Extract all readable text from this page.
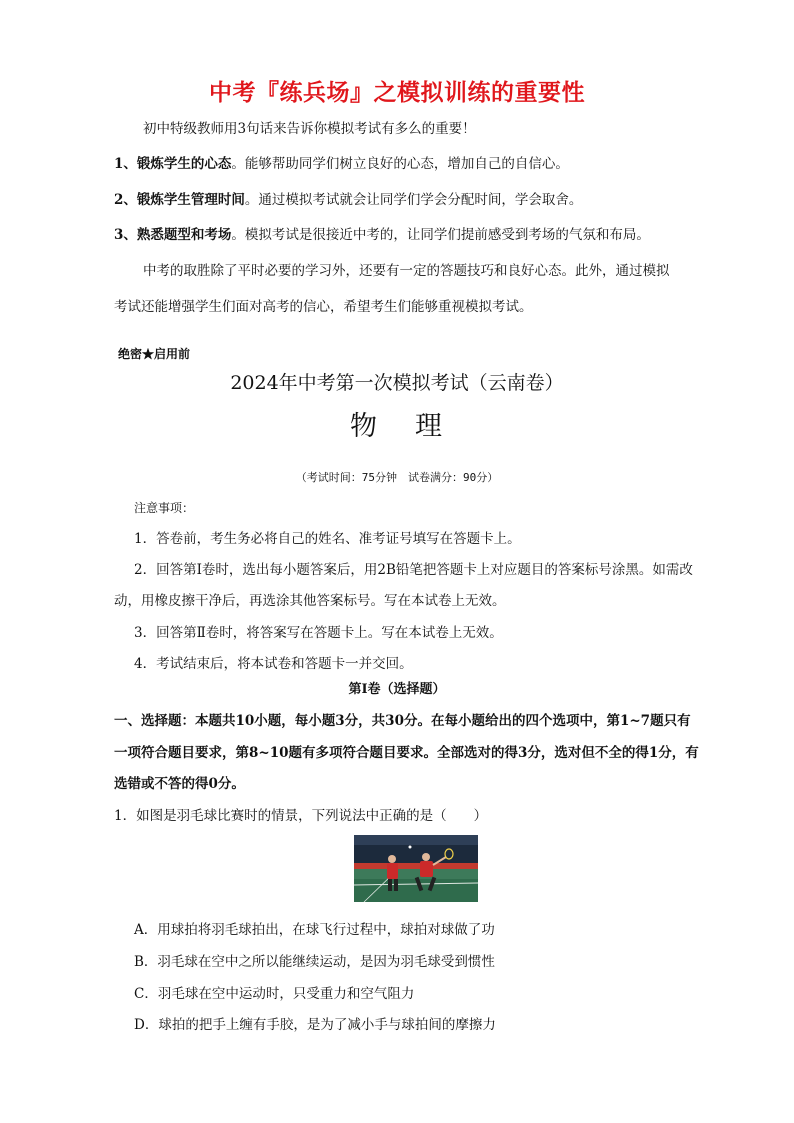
中考『练兵场』之模拟训练的重要性
初中特级教师用3句话来告诉你模拟考试有多么的重要！
1、锻炼学生的心态。能够帮助同学们树立良好的心态，增加自己的自信心。
2、锻炼学生管理时间。通过模拟考试就会让同学们学会分配时间，学会取舍。
3、熟悉题型和考场。模拟考试是很接近中考的，让同学们提前感受到考场的气氛和布局。
中考的取胜除了平时必要的学习外，还要有一定的答题技巧和良好心态。此外，通过模拟
考试还能增强学生们面对高考的信心，希望考生们能够重视模拟考试。
绝密★启用前
2024年中考第一次模拟考试（云南卷）
物 理
（考试时间：75分钟　试卷满分：90分）
注意事项：
1．答卷前，考生务必将自己的姓名、准考证号填写在答题卡上。
2．回答第Ⅰ卷时，选出每小题答案后，用2B铅笔把答题卡上对应题目的答案标号涂黑。如需改
动，用橡皮擦干净后，再选涂其他答案标号。写在本试卷上无效。
3．回答第Ⅱ卷时，将答案写在答题卡上。写在本试卷上无效。
4．考试结束后，将本试卷和答题卡一并交回。
第Ⅰ卷（选择题）
一、选择题：本题共10小题，每小题3分，共30分。在每小题给出的四个选项中，第1~7题只有
一项符合题目要求，第8~10题有多项符合题目要求。全部选对的得3分，选对但不全的得1分，有
选错或不答的得0分。
1．如图是羽毛球比赛时的情景，下列说法中正确的是（　　）
A．用球拍将羽毛球拍出，在球飞行过程中，球拍对球做了功
B．羽毛球在空中之所以能继续运动，是因为羽毛球受到惯性
C．羽毛球在空中运动时，只受重力和空气阻力
D．球拍的把手上缠有手胶，是为了减小手与球拍间的摩擦力
